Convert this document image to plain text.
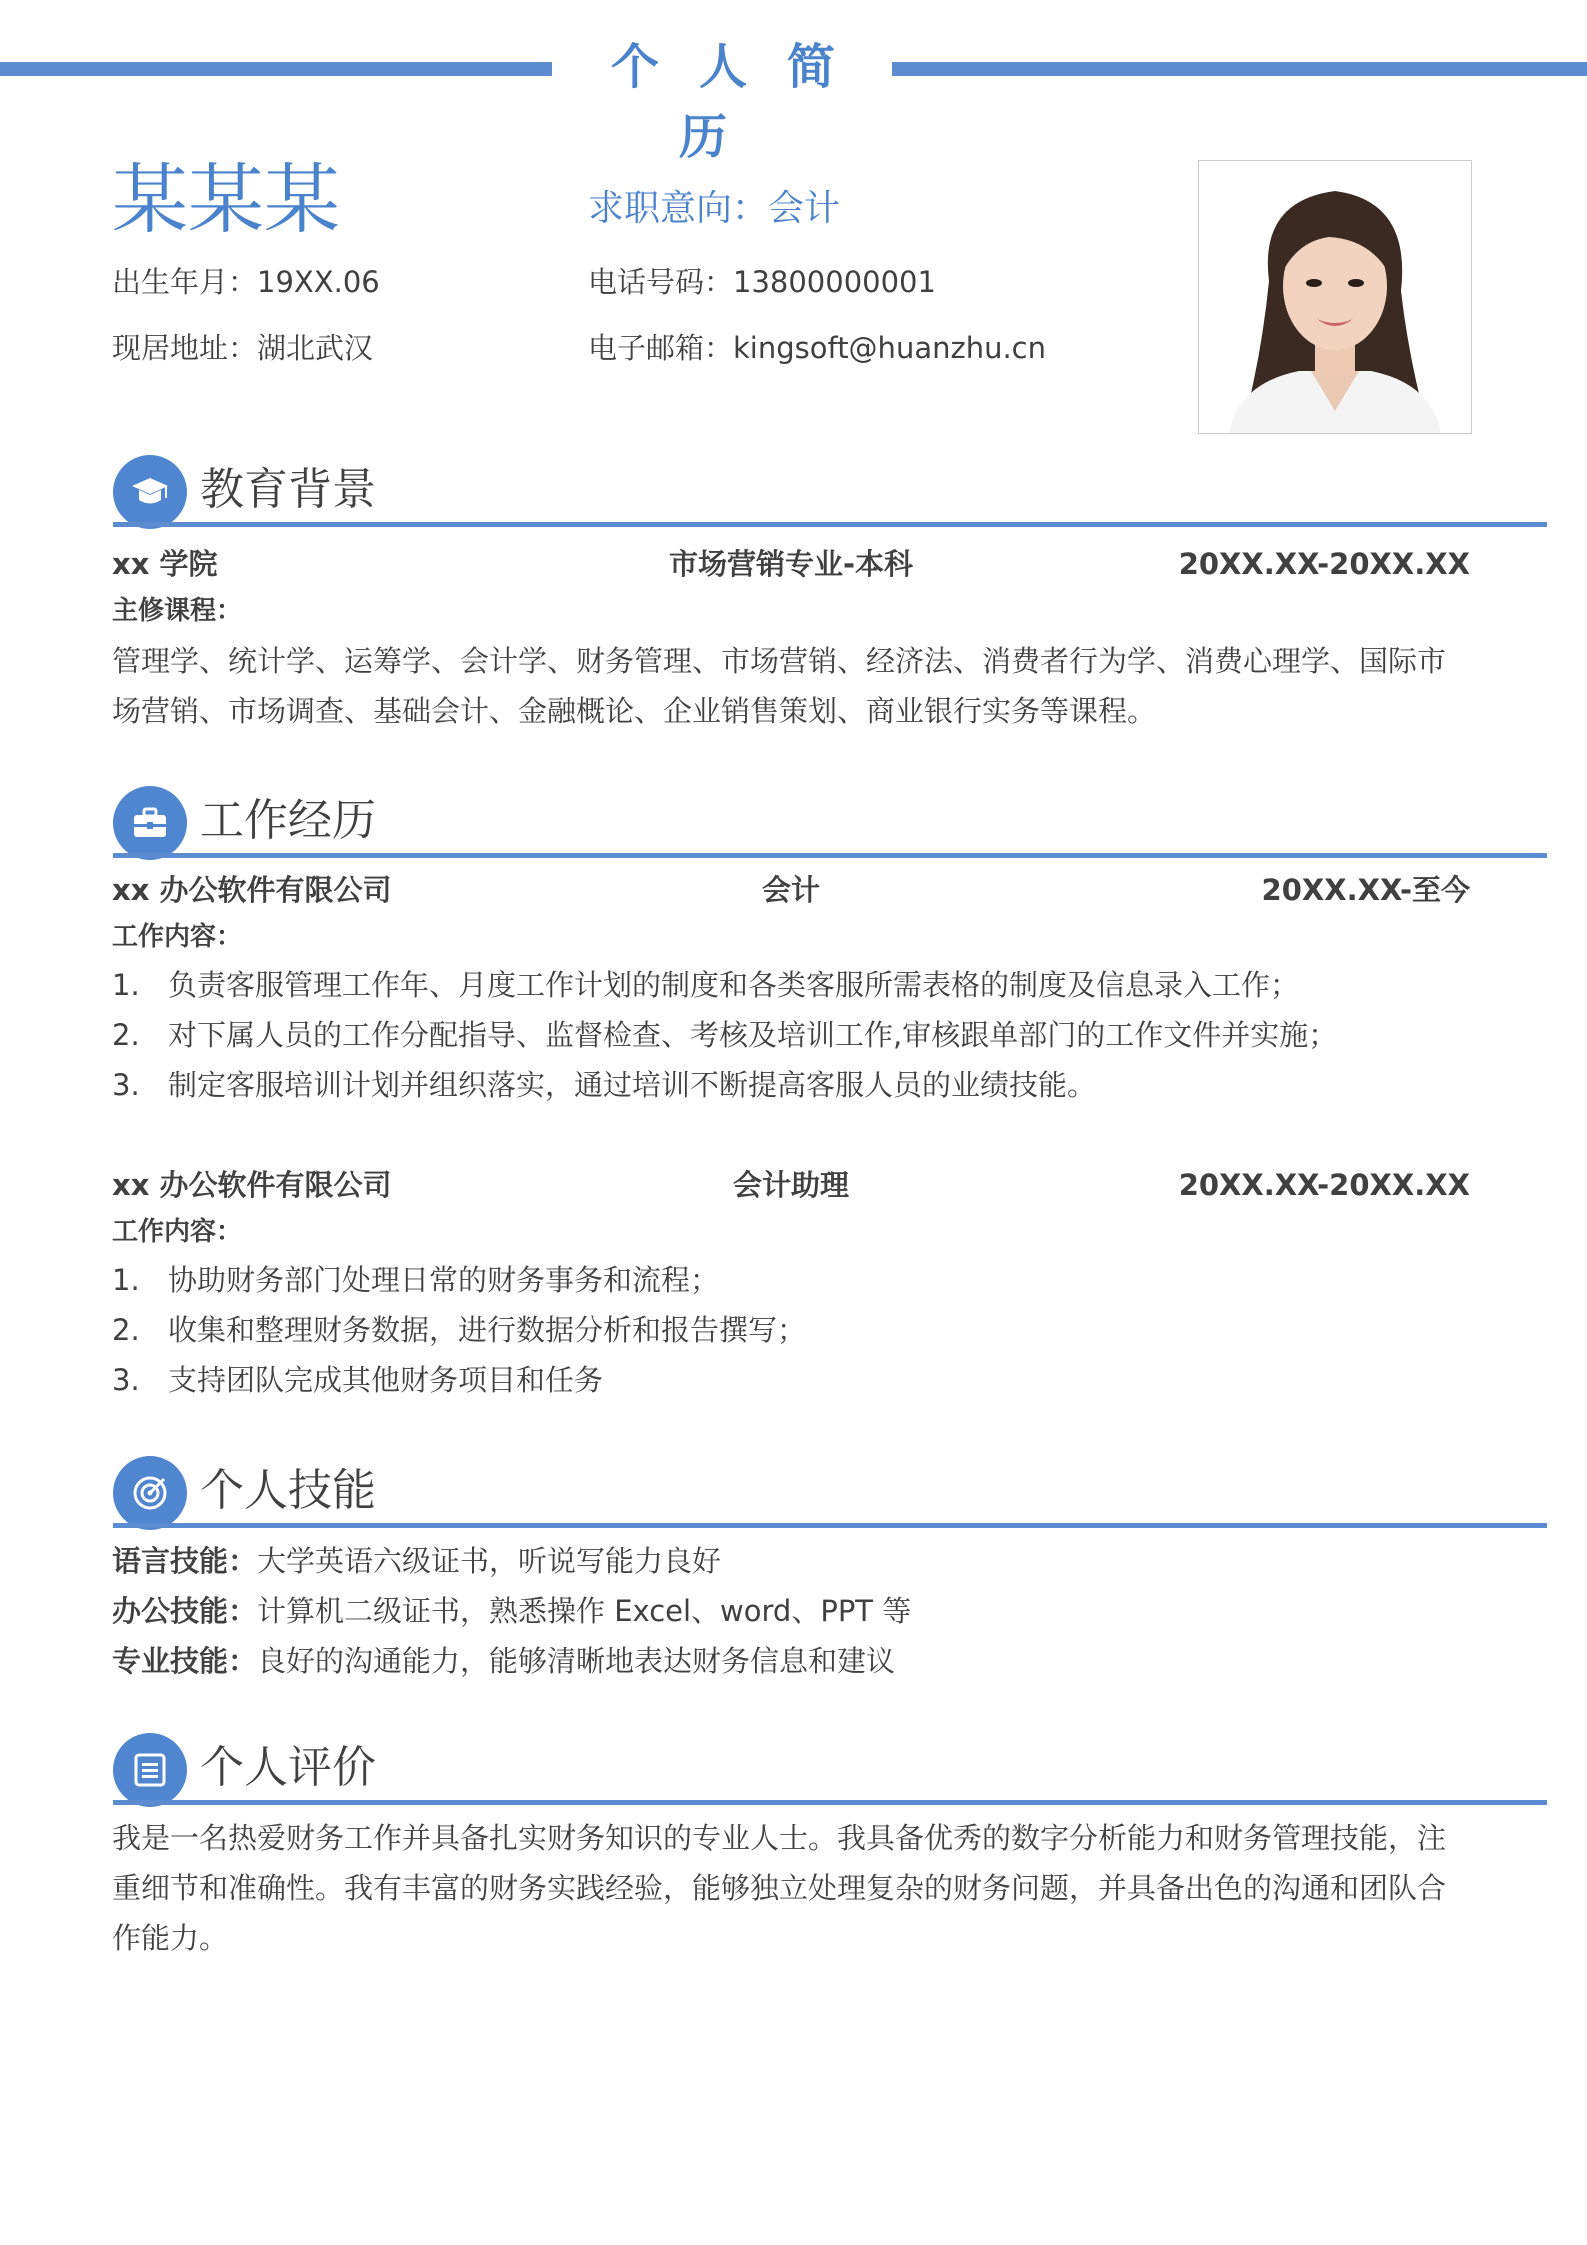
个人简历
某某某	求职意向：会计
出生年月：19XX.06	电话号码：13800000001
现居地址：湖北武汉	电子邮箱：kingsoft@huanzhu.cn
教育背景
xx 学院	市场营销专业-本科	20XX.XX-20XX.XX
主修课程：
管理学、统计学、运筹学、会计学、财务管理、市场营销、经济法、消费者行为学、消费心理学、国际市
场营销、市场调查、基础会计、金融概论、企业销售策划、商业银行实务等课程。
工作经历
xx 办公软件有限公司	会计	20XX.XX-至今
工作内容：
1. 负责客服管理工作年、月度工作计划的制度和各类客服所需表格的制度及信息录入工作；
2. 对下属人员的工作分配指导、监督检查、考核及培训工作,审核跟单部门的工作文件并实施；
3. 制定客服培训计划并组织落实，通过培训不断提高客服人员的业绩技能。
xx 办公软件有限公司	会计助理	20XX.XX-20XX.XX
工作内容：
1. 协助财务部门处理日常的财务事务和流程；
2. 收集和整理财务数据，进行数据分析和报告撰写；
3. 支持团队完成其他财务项目和任务
个人技能
语言技能：大学英语六级证书，听说写能力良好
办公技能：计算机二级证书，熟悉操作 Excel、word、PPT 等
专业技能：良好的沟通能力，能够清晰地表达财务信息和建议
个人评价
我是一名热爱财务工作并具备扎实财务知识的专业人士。我具备优秀的数字分析能力和财务管理技能，注
重细节和准确性。我有丰富的财务实践经验，能够独立处理复杂的财务问题，并具备出色的沟通和团队合
作能力。
